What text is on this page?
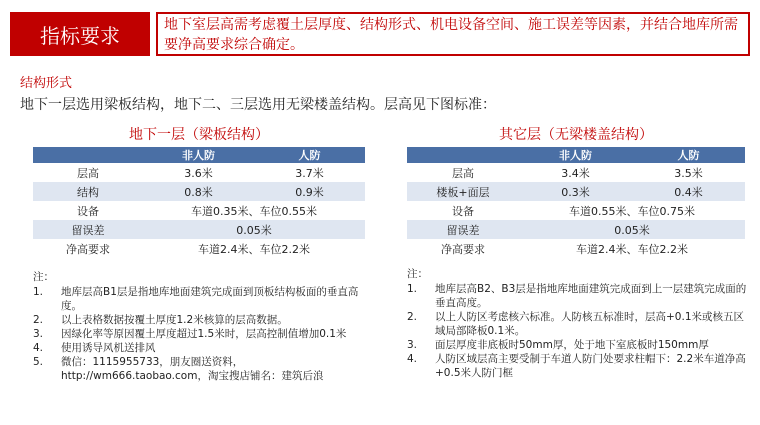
指标要求	地下室层高需考虑覆土层厚度、结构形式、机电设备空间、施工误差等因素，并结合地库所需要净高要求综合确定。
结构形式
地下一层选用梁板结构，地下二、三层选用无梁楼盖结构。层高见下图标准：
地下一层（梁板结构）
	非人防	人防
层高	3.6米	3.7米
结构	0.8米	0.9米
设备	车道0.35米、车位0.55米	
留误差	0.05米	
净高要求	车道2.4米、车位2.2米	
其它层（无梁楼盖结构）
	非人防	人防
层高	3.4米	3.5米
楼板+面层	0.3米	0.4米
设备	车道0.55米、车位0.75米	
留误差	0.05米	
净高要求	车道2.4米、车位2.2米	
注：
1.	地库层高B1层是指地库地面建筑完成面到顶板结构板面的垂直高度。
2.	以上表格数据按覆土厚度1.2米核算的层高数据。
3.	因绿化率等原因覆土厚度超过1.5米时，层高控制值增加0.1米
4.	使用诱导风机送排风
5.	微信：1115955733，朋友圈送资料，
http://wm666.taobao.com，淘宝搜店铺名：建筑后浪
注：
1.	地库层高B2、B3层是指地库地面建筑完成面到上一层建筑完成面的垂直高度。
2.	以上人防区考虑核六标准。人防核五标准时，层高+0.1米或核五区域局部降板0.1米。
3.	面层厚度非底板时50mm厚，处于地下室底板时150mm厚
4.	人防区域层高主要受制于车道人防门处要求柱帽下：2.2米车道净高+0.5米人防门框
